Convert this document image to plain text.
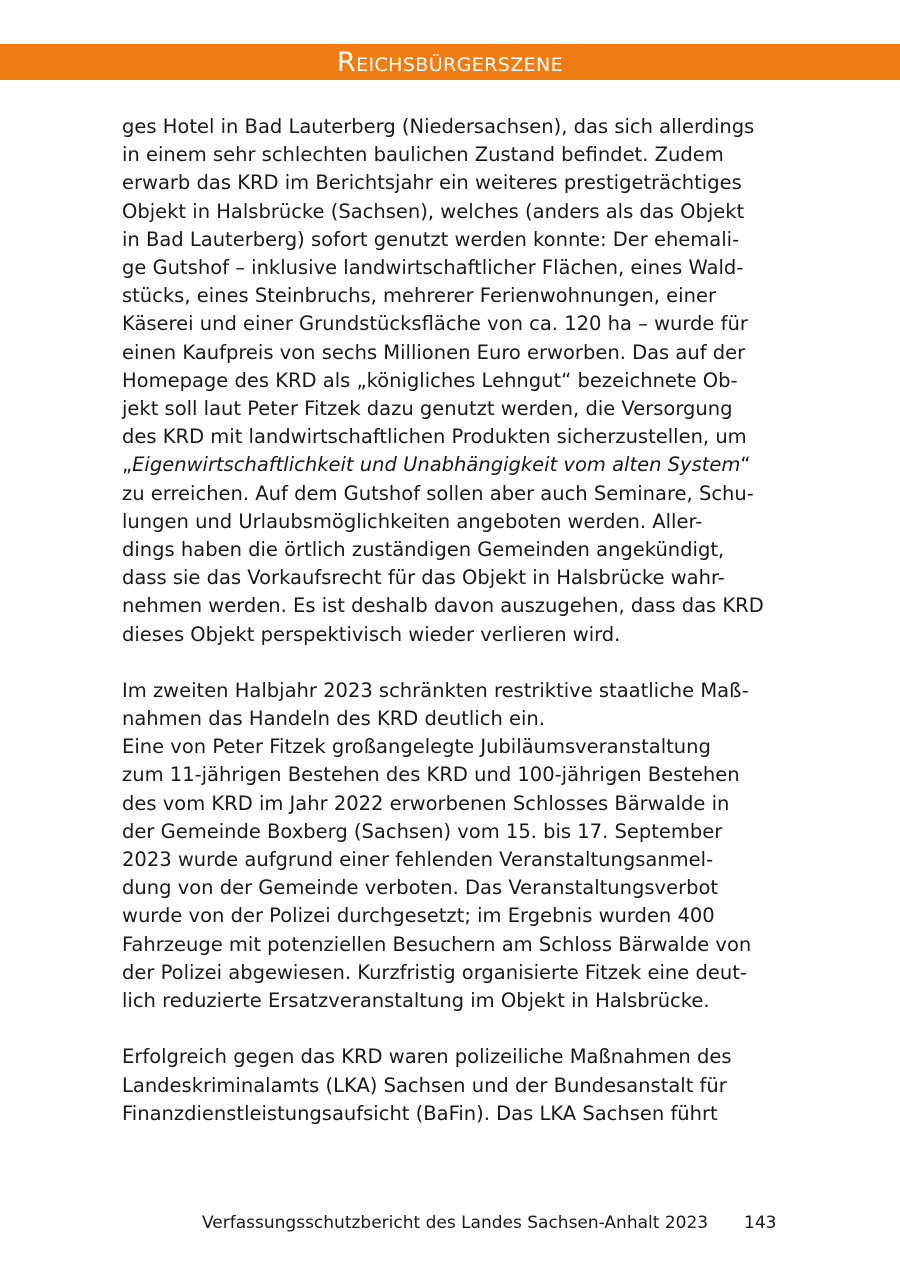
Reichsbürgerszene
ges Hotel in Bad Lauterberg (Niedersachsen), das sich allerdings
in einem sehr schlechten baulichen Zustand befindet. Zudem
erwarb das KRD im Berichtsjahr ein weiteres prestigeträchtiges
Objekt in Halsbrücke (Sachsen), welches (anders als das Objekt
in Bad Lauterberg) sofort genutzt werden konnte: Der ehemali-
ge Gutshof – inklusive landwirtschaftlicher Flächen, eines Wald-
stücks, eines Steinbruchs, mehrerer Ferienwohnungen, einer
Käserei und einer Grundstücksfläche von ca. 120 ha – wurde für
einen Kaufpreis von sechs Millionen Euro erworben. Das auf der
Homepage des KRD als „königliches Lehngut“ bezeichnete Ob-
jekt soll laut Peter Fitzek dazu genutzt werden, die Versorgung
des KRD mit landwirtschaftlichen Produkten sicherzustellen, um
„Eigenwirtschaftlichkeit und Unabhängigkeit vom alten System“
zu erreichen. Auf dem Gutshof sollen aber auch Seminare, Schu-
lungen und Urlaubsmöglichkeiten angeboten werden. Aller-
dings haben die örtlich zuständigen Gemeinden angekündigt,
dass sie das Vorkaufsrecht für das Objekt in Halsbrücke wahr-
nehmen werden. Es ist deshalb davon auszugehen, dass das KRD
dieses Objekt perspektivisch wieder verlieren wird.
Im zweiten Halbjahr 2023 schränkten restriktive staatliche Maß-
nahmen das Handeln des KRD deutlich ein.
Eine von Peter Fitzek großangelegte Jubiläumsveranstaltung
zum 11-jährigen Bestehen des KRD und 100-jährigen Bestehen
des vom KRD im Jahr 2022 erworbenen Schlosses Bärwalde in
der Gemeinde Boxberg (Sachsen) vom 15. bis 17. September
2023 wurde aufgrund einer fehlenden Veranstaltungsanmel-
dung von der Gemeinde verboten. Das Veranstaltungsverbot
wurde von der Polizei durchgesetzt; im Ergebnis wurden 400
Fahrzeuge mit potenziellen Besuchern am Schloss Bärwalde von
der Polizei abgewiesen. Kurzfristig organisierte Fitzek eine deut-
lich reduzierte Ersatzveranstaltung im Objekt in Halsbrücke.
Erfolgreich gegen das KRD waren polizeiliche Maßnahmen des
Landeskriminalamts (LKA) Sachsen und der Bundesanstalt für
Finanzdienstleistungsaufsicht (BaFin). Das LKA Sachsen führt
Verfassungsschutzbericht des Landes Sachsen-Anhalt 2023 143
